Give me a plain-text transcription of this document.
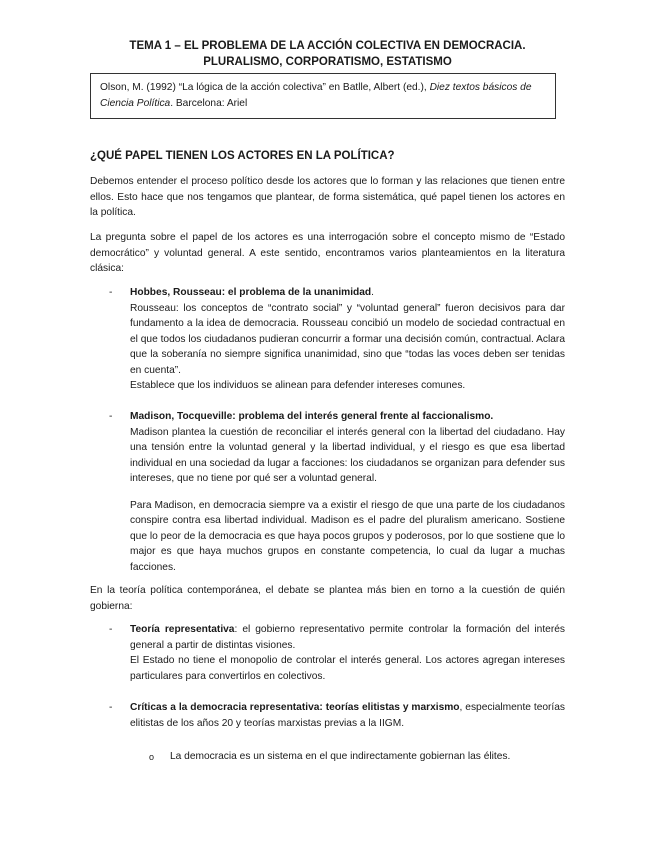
TEMA 1 – EL PROBLEMA DE LA ACCIÓN COLECTIVA EN DEMOCRACIA.
PLURALISMO, CORPORATISMO, ESTATISMO
Olson, M. (1992) “La lógica de la acción colectiva” en Batlle, Albert (ed.), Diez textos básicos de
Ciencia Política. Barcelona: Ariel
¿QUÉ PAPEL TIENEN LOS ACTORES EN LA POLÍTICA?
Debemos entender el proceso político desde los actores que lo forman y las relaciones que tienen entre ellos. Esto hace que nos tengamos que plantear, de forma sistemática, qué papel tienen los actores en la política.
La pregunta sobre el papel de los actores es una interrogación sobre el concepto mismo de “Estado democrático” y voluntad general. A este sentido, encontramos varios planteamientos en la literatura clásica:
- Hobbes, Rousseau: el problema de la unanimidad.

Rousseau: los conceptos de “contrato social” y “voluntad general” fueron decisivos para dar fundamento a la idea de democracia. Rousseau concibió un modelo de sociedad contractual en el que todos los ciudadanos pudieran concurrir a formar una decisión común, contractual. Aclara que la soberanía no siempre significa unanimidad, sino que “todas las voces deben ser tenidas en cuenta”.

Establece que los individuos se alinean para defender intereses comunes.

- Madison, Tocqueville: problema del interés general frente al faccionalismo.

Madison plantea la cuestión de reconciliar el interés general con la libertad del ciudadano. Hay una tensión entre la voluntad general y la libertad individual, y el riesgo es que esa libertad individual en una sociedad da lugar a facciones: los ciudadanos se organizan para defender sus intereses, que no tiene por qué ser a voluntad general.

Para Madison, en democracia siempre va a existir el riesgo de que una parte de los ciudadanos conspire contra esa libertad individual. Madison es el padre del pluralism americano. Sostiene que lo peor de la democracia es que haya pocos grupos y poderosos, por lo que sostiene que lo major es que haya muchos grupos en constante competencia, lo cual da lugar a muchas facciones.

En la teoría política contemporánea, el debate se plantea más bien en torno a la cuestión de quién gobierna:
- Teoría representativa: el gobierno representativo permite controlar la formación del interés general a partir de distintas visiones.

El Estado no tiene el monopolio de controlar el interés general. Los actores agregan intereses particulares para convertirlos en colectivos.

- Críticas a la democracia representativa: teorías elitistas y marxismo, especialmente teorías elitistas de los años 20 y teorías marxistas previas a la IIGM.

o La democracia es un sistema en el que indirectamente gobiernan las élites.
